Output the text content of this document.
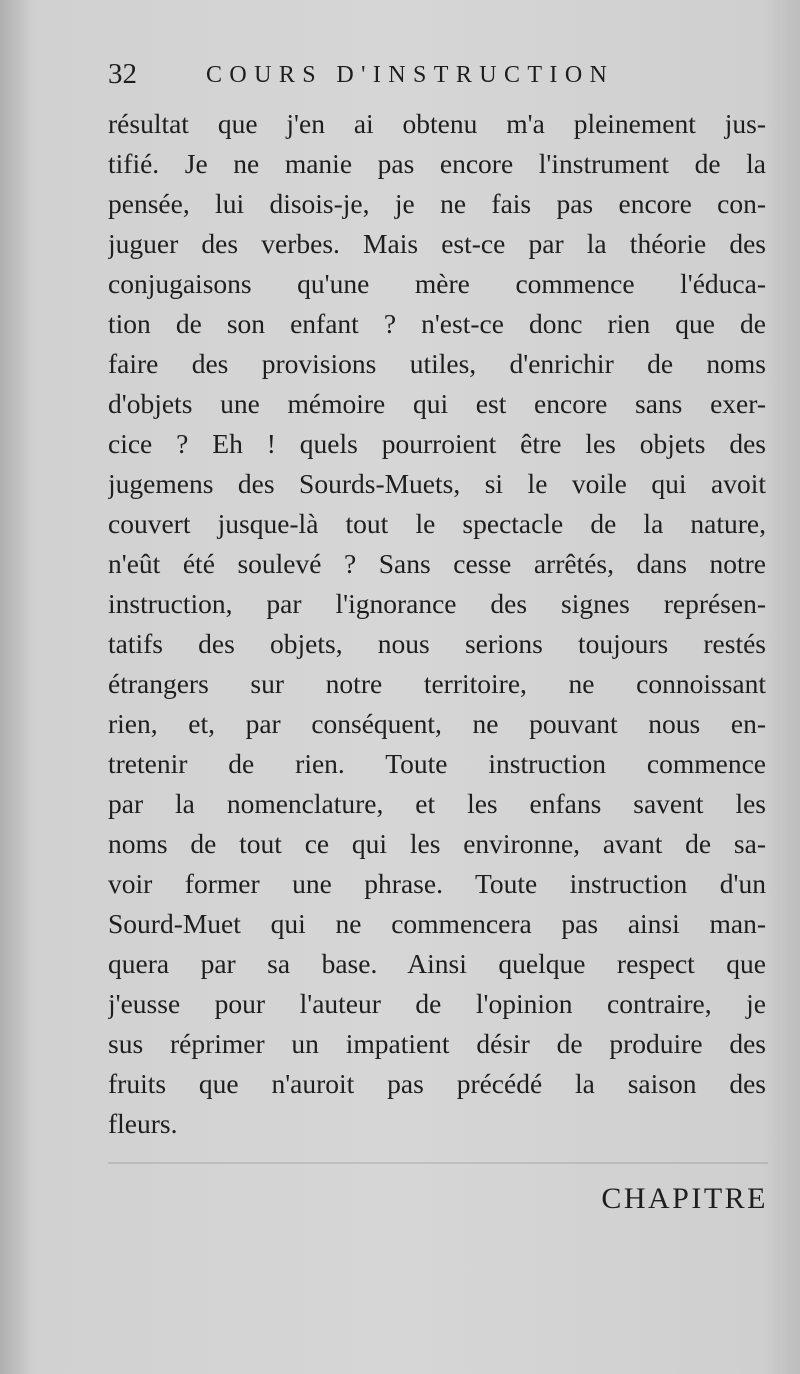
32	COURS D'INSTRUCTION
résultat que j'en ai obtenu m'a pleinement jus-
tifié. Je ne manie pas encore l'instrument de la
pensée, lui disois-je, je ne fais pas encore con-
juguer des verbes. Mais est-ce par la théorie des
conjugaisons qu'une mère commence l'éduca-
tion de son enfant ? n'est-ce donc rien que de
faire des provisions utiles, d'enrichir de noms
d'objets une mémoire qui est encore sans exer-
cice ? Eh ! quels pourroient être les objets des
jugemens des Sourds-Muets, si le voile qui avoit
couvert jusque-là tout le spectacle de la nature,
n'eût été soulevé ? Sans cesse arrêtés, dans notre
instruction, par l'ignorance des signes représen-
tatifs des objets, nous serions toujours restés
étrangers sur notre territoire, ne connoissant
rien, et, par conséquent, ne pouvant nous en-
tretenir de rien. Toute instruction commence
par la nomenclature, et les enfans savent les
noms de tout ce qui les environne, avant de sa-
voir former une phrase. Toute instruction d'un
Sourd-Muet qui ne commencera pas ainsi man-
quera par sa base. Ainsi quelque respect que
j'eusse pour l'auteur de l'opinion contraire, je
sus réprimer un impatient désir de produire des
fruits que n'auroit pas précédé la saison des
fleurs.
CHAPITRE
